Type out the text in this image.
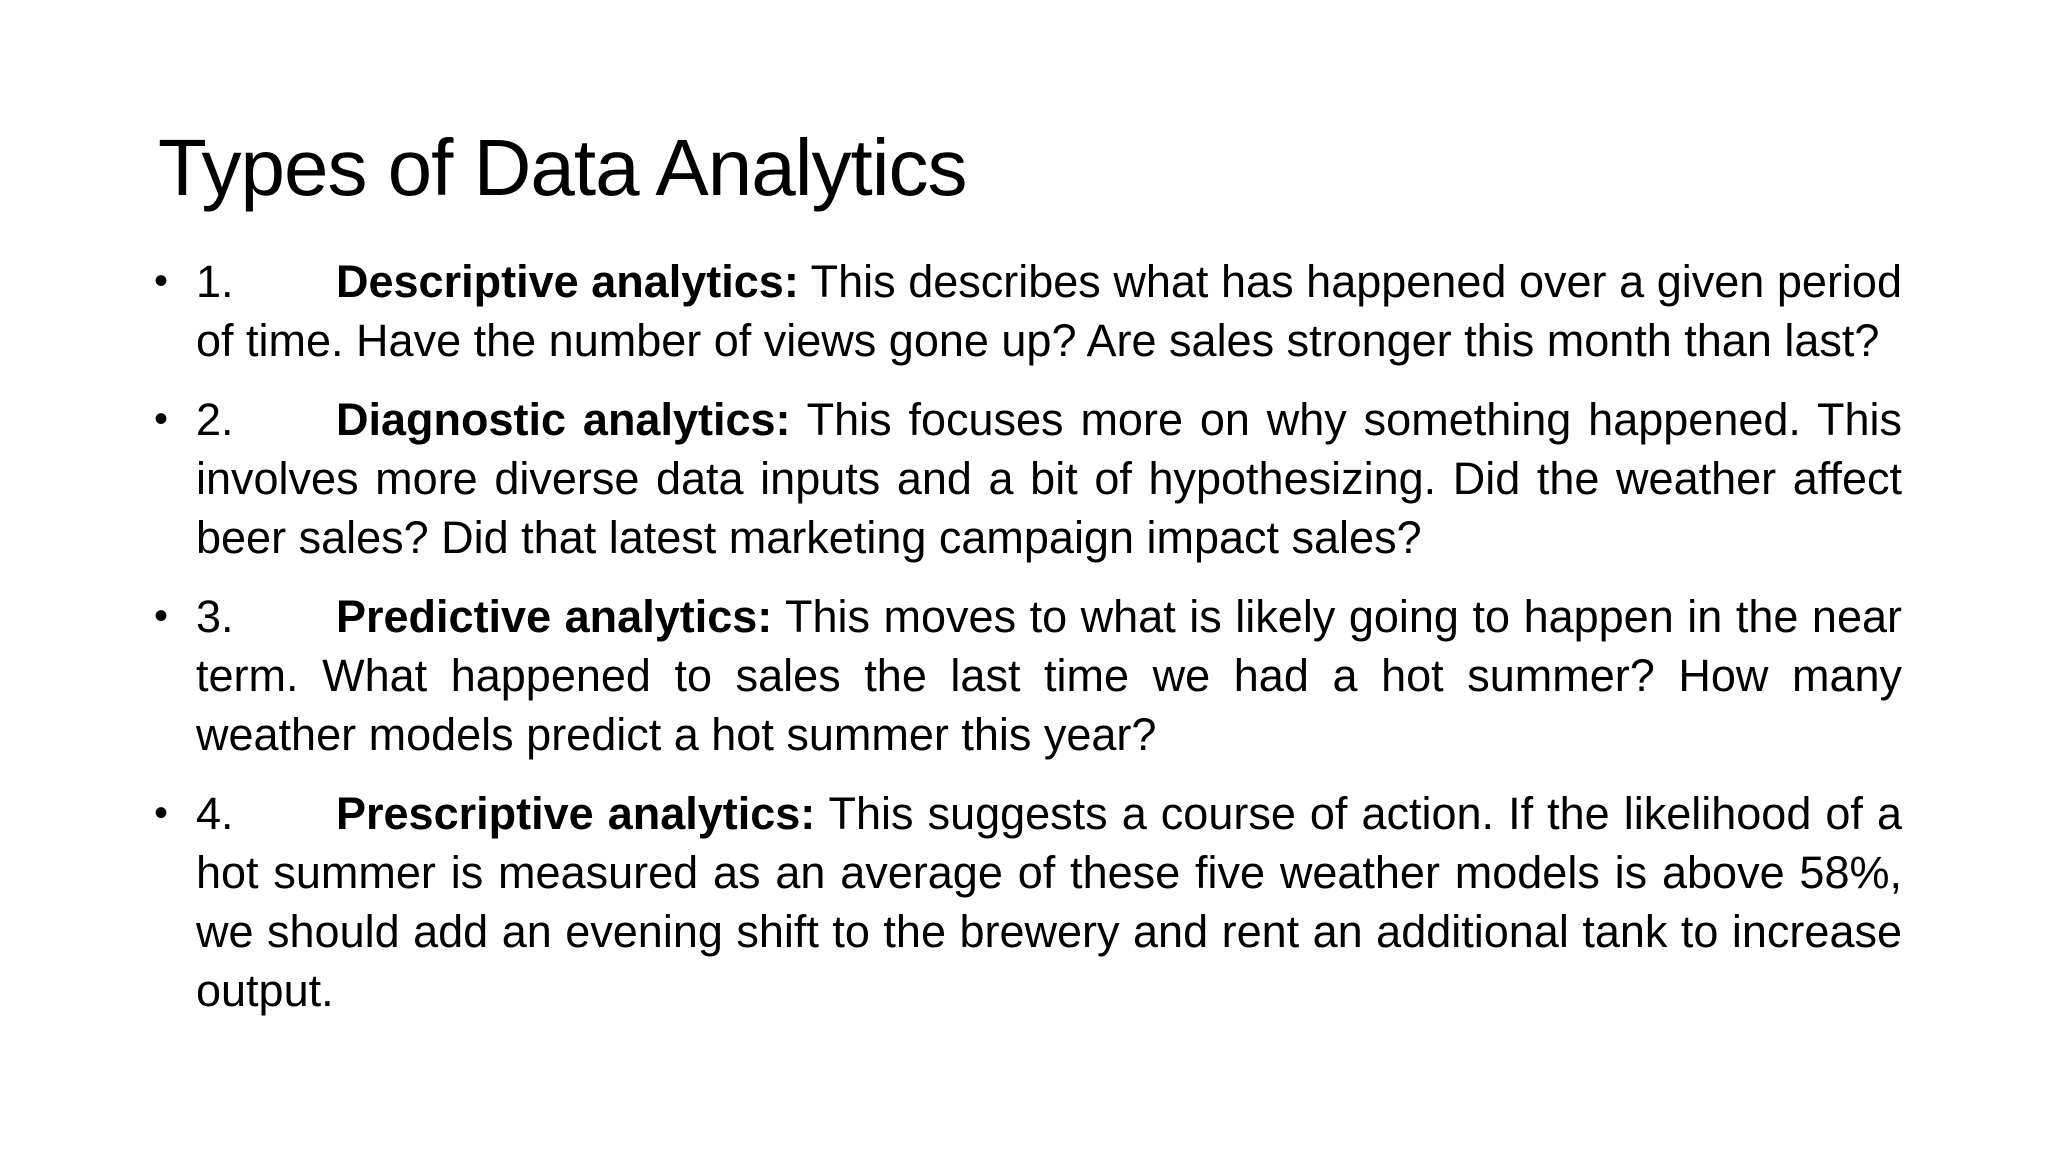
Types of Data Analytics
• 1. Descriptive analytics: This describes what has happened over a given period of time. Have the number of views gone up? Are sales stronger this month than last?
• 2. Diagnostic analytics: This focuses more on why something happened. This involves more diverse data inputs and a bit of hypothesizing. Did the weather affect beer sales? Did that latest marketing campaign impact sales?
• 3. Predictive analytics: This moves to what is likely going to happen in the near term. What happened to sales the last time we had a hot summer? How many weather models predict a hot summer this year?
• 4. Prescriptive analytics: This suggests a course of action. If the likelihood of a hot summer is measured as an average of these five weather models is above 58%, we should add an evening shift to the brewery and rent an additional tank to increase output.
